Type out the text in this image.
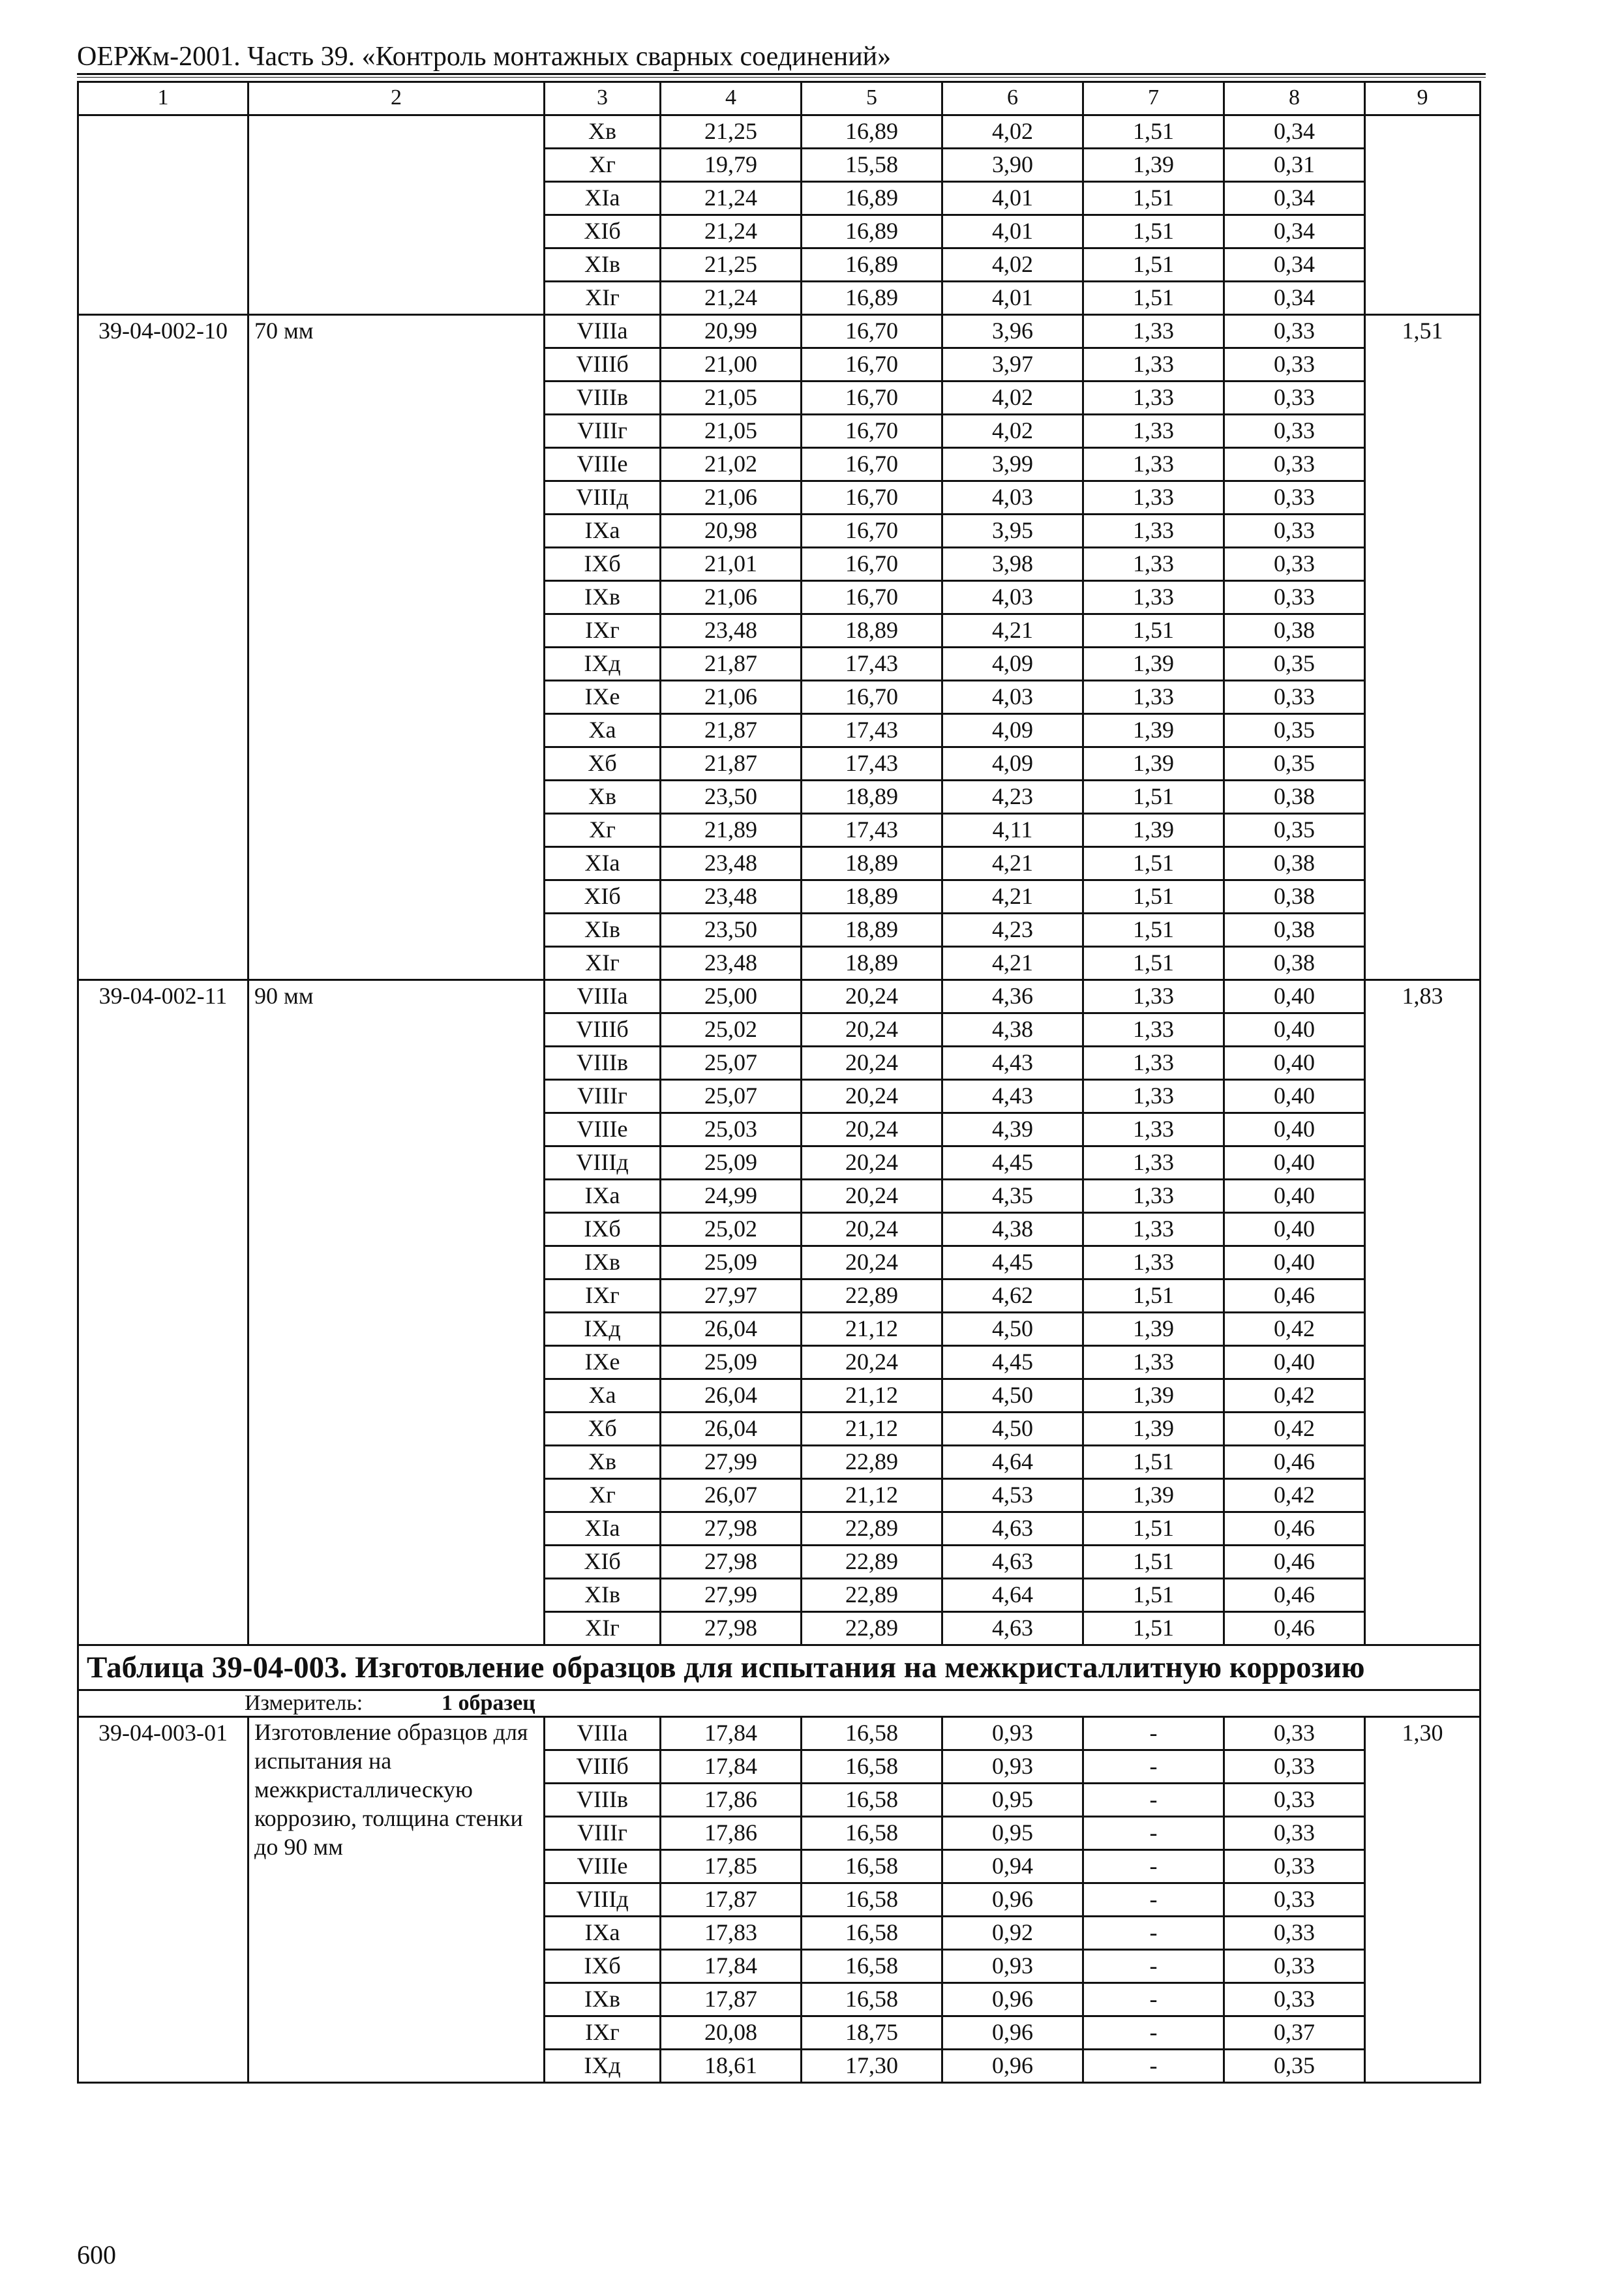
ОЕРЖм-2001. Часть 39. «Контроль монтажных сварных соединений»
1	2	3	4	5	6	7	8	9
		Хв	21,25	16,89	4,02	1,51	0,34	
		Хг	19,79	15,58	3,90	1,39	0,31	
		ХIа	21,24	16,89	4,01	1,51	0,34	
		ХIб	21,24	16,89	4,01	1,51	0,34	
		ХIв	21,25	16,89	4,02	1,51	0,34	
		ХIг	21,24	16,89	4,01	1,51	0,34	
39-04-002-10	70 мм	VIIIа	20,99	16,70	3,96	1,33	0,33	1,51
		VIIIб	21,00	16,70	3,97	1,33	0,33	
		VIIIв	21,05	16,70	4,02	1,33	0,33	
		VIIIг	21,05	16,70	4,02	1,33	0,33	
		VIIIе	21,02	16,70	3,99	1,33	0,33	
		VIIIд	21,06	16,70	4,03	1,33	0,33	
		IХа	20,98	16,70	3,95	1,33	0,33	
		IХб	21,01	16,70	3,98	1,33	0,33	
		IХв	21,06	16,70	4,03	1,33	0,33	
		IХг	23,48	18,89	4,21	1,51	0,38	
		IХд	21,87	17,43	4,09	1,39	0,35	
		IХе	21,06	16,70	4,03	1,33	0,33	
		Ха	21,87	17,43	4,09	1,39	0,35	
		Хб	21,87	17,43	4,09	1,39	0,35	
		Хв	23,50	18,89	4,23	1,51	0,38	
		Хг	21,89	17,43	4,11	1,39	0,35	
		ХIа	23,48	18,89	4,21	1,51	0,38	
		ХIб	23,48	18,89	4,21	1,51	0,38	
		ХIв	23,50	18,89	4,23	1,51	0,38	
		ХIг	23,48	18,89	4,21	1,51	0,38	
39-04-002-11	90 мм	VIIIа	25,00	20,24	4,36	1,33	0,40	1,83
		VIIIб	25,02	20,24	4,38	1,33	0,40	
		VIIIв	25,07	20,24	4,43	1,33	0,40	
		VIIIг	25,07	20,24	4,43	1,33	0,40	
		VIIIе	25,03	20,24	4,39	1,33	0,40	
		VIIIд	25,09	20,24	4,45	1,33	0,40	
		IХа	24,99	20,24	4,35	1,33	0,40	
		IХб	25,02	20,24	4,38	1,33	0,40	
		IХв	25,09	20,24	4,45	1,33	0,40	
		IХг	27,97	22,89	4,62	1,51	0,46	
		IХд	26,04	21,12	4,50	1,39	0,42	
		IХе	25,09	20,24	4,45	1,33	0,40	
		Ха	26,04	21,12	4,50	1,39	0,42	
		Хб	26,04	21,12	4,50	1,39	0,42	
		Хв	27,99	22,89	4,64	1,51	0,46	
		Хг	26,07	21,12	4,53	1,39	0,42	
		ХIа	27,98	22,89	4,63	1,51	0,46	
		ХIб	27,98	22,89	4,63	1,51	0,46	
		ХIв	27,99	22,89	4,64	1,51	0,46	
		ХIг	27,98	22,89	4,63	1,51	0,46	
Таблица 39-04-003. Изготовление образцов для испытания на межкристаллитную коррозию								
Измеритель: 1 образец								
39-04-003-01	Изготовление образцов для испытания на межкристаллическую коррозию, толщина стенки до 90 мм	VIIIа	17,84	16,58	0,93	-	0,33	1,30
		VIIIб	17,84	16,58	0,93	-	0,33	
		VIIIв	17,86	16,58	0,95	-	0,33	
		VIIIг	17,86	16,58	0,95	-	0,33	
		VIIIе	17,85	16,58	0,94	-	0,33	
		VIIIд	17,87	16,58	0,96	-	0,33	
		IХа	17,83	16,58	0,92	-	0,33	
		IХб	17,84	16,58	0,93	-	0,33	
		IХв	17,87	16,58	0,96	-	0,33	
		IХг	20,08	18,75	0,96	-	0,37	
		IХд	18,61	17,30	0,96	-	0,35	
600
